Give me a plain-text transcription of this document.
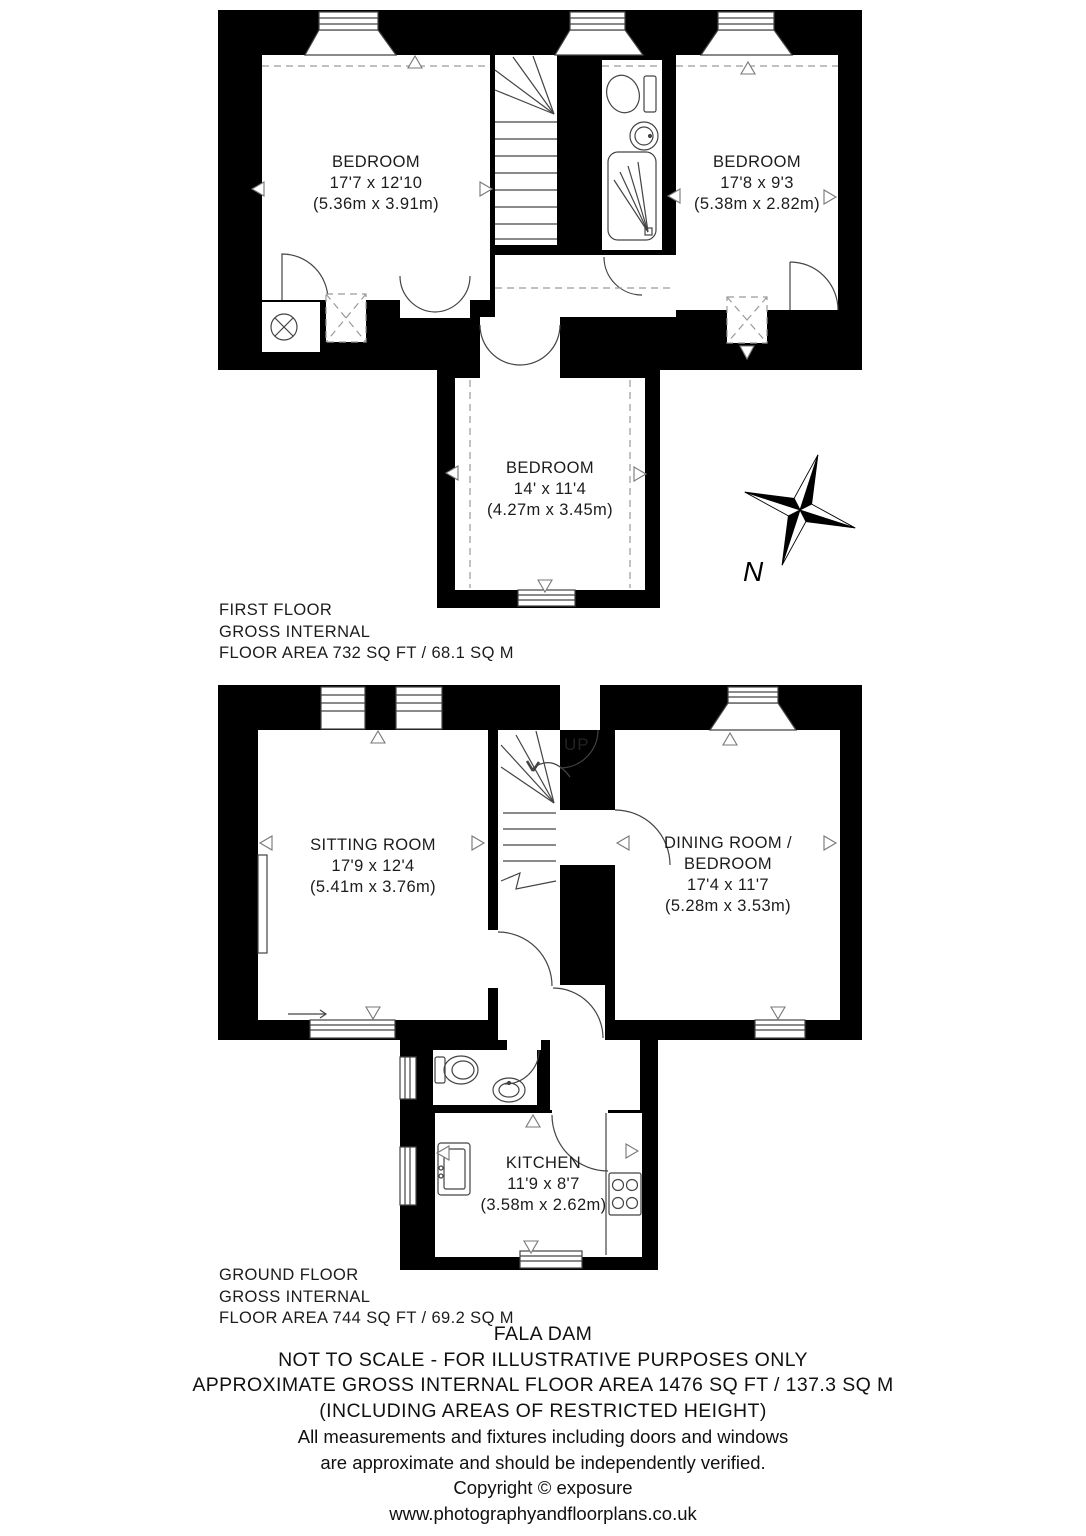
BEDROOM
17'7 x 12'10
(5.36m x 3.91m)
BEDROOM
17'8 x 9'3
(5.38m x 2.82m)
BEDROOM
14' x 11'4
(4.27m x 3.45m)
N
FIRST FLOOR
GROSS INTERNAL
FLOOR AREA 732 SQ FT / 68.1 SQ M
SITTING ROOM
17'9 x 12'4
(5.41m x 3.76m)
DINING ROOM / BEDROOM
17'4 x 11'7
(5.28m x 3.53m)
KITCHEN
11'9 x 8'7
(3.58m x 2.62m)
UP
GROUND FLOOR
GROSS INTERNAL
FLOOR AREA 744 SQ FT / 69.2 SQ M
FALA DAM
NOT TO SCALE - FOR ILLUSTRATIVE PURPOSES ONLY
APPROXIMATE GROSS INTERNAL FLOOR AREA 1476 SQ FT / 137.3 SQ M
(INCLUDING AREAS OF RESTRICTED HEIGHT)
All measurements and fixtures including doors and windows
are approximate and should be independently verified.
Copyright © exposure
www.photographyandfloorplans.co.uk
